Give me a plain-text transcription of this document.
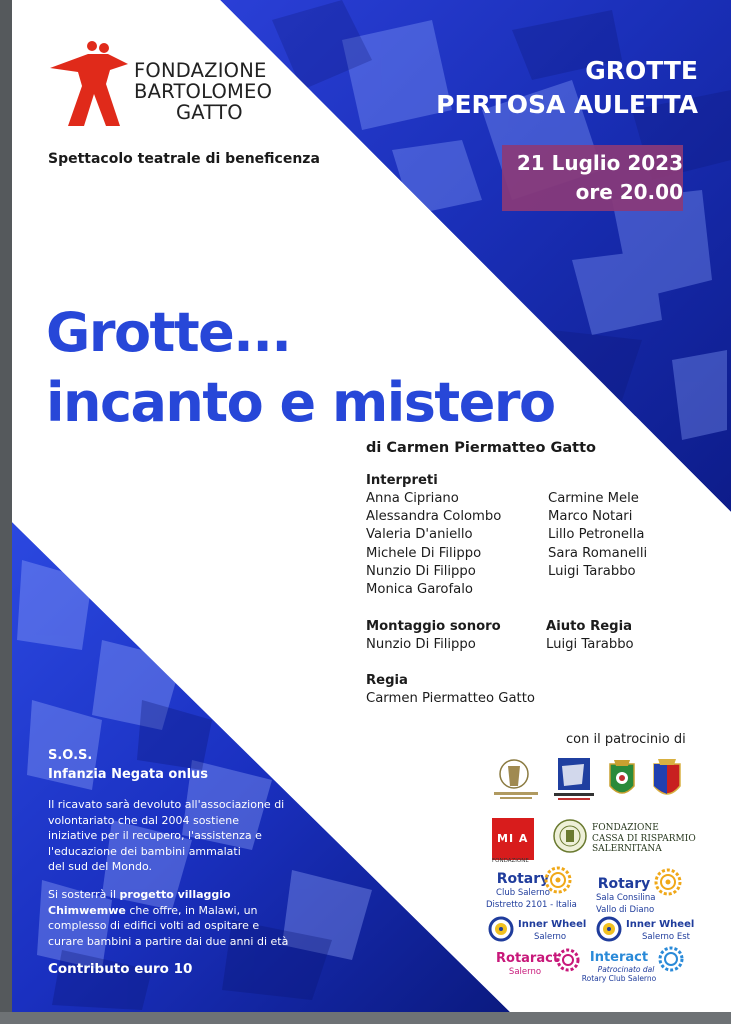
FONDAZIONE
BARTOLOMEO
GATTO
Spettacolo teatrale di beneficenza
GROTTE
PERTOSA AULETTA
21 Luglio 2023
ore 20.00
Grotte...
incanto e mistero
di Carmen Piermatteo Gatto
Interpreti
Anna Cipriano
Alessandra Colombo
Valeria D'aniello
Michele Di Filippo
Nunzio Di Filippo
Monica Garofalo
Carmine Mele
Marco Notari
Lillo Petronella
Sara Romanelli
Luigi Tarabbo
Montaggio sonoro
Nunzio Di Filippo
Aiuto Regia
Luigi Tarabbo
Regia
Carmen Piermatteo Gatto
S.O.S.
Infanzia Negata onlus
Il ricavato sarà devoluto all'associazione di
volontariato che dal 2004 sostiene
iniziative per il recupero, l'assistenza e
l'educazione dei bambini ammalati
del sud del Mondo.
Si sosterrà il progetto villaggio
Chimwemwe che offre, in Malawi, un
complesso di edifici volti ad ospitare e
curare bambini a partire dai due anni di età
Contributo euro 10
con il patrocinio di
MI A
FONDAZIONE
FONDAZIONE
CASSA DI RISPARMIO
SALERNITANA
Rotary
Club Salerno
Distretto 2101 - Italia
Rotary
Sala Consilina
Vallo di Diano
Inner Wheel
Salerno
Inner Wheel
Salerno Est
Rotaract
Salerno
Interact
Patrocinato dal
Rotary Club Salerno
